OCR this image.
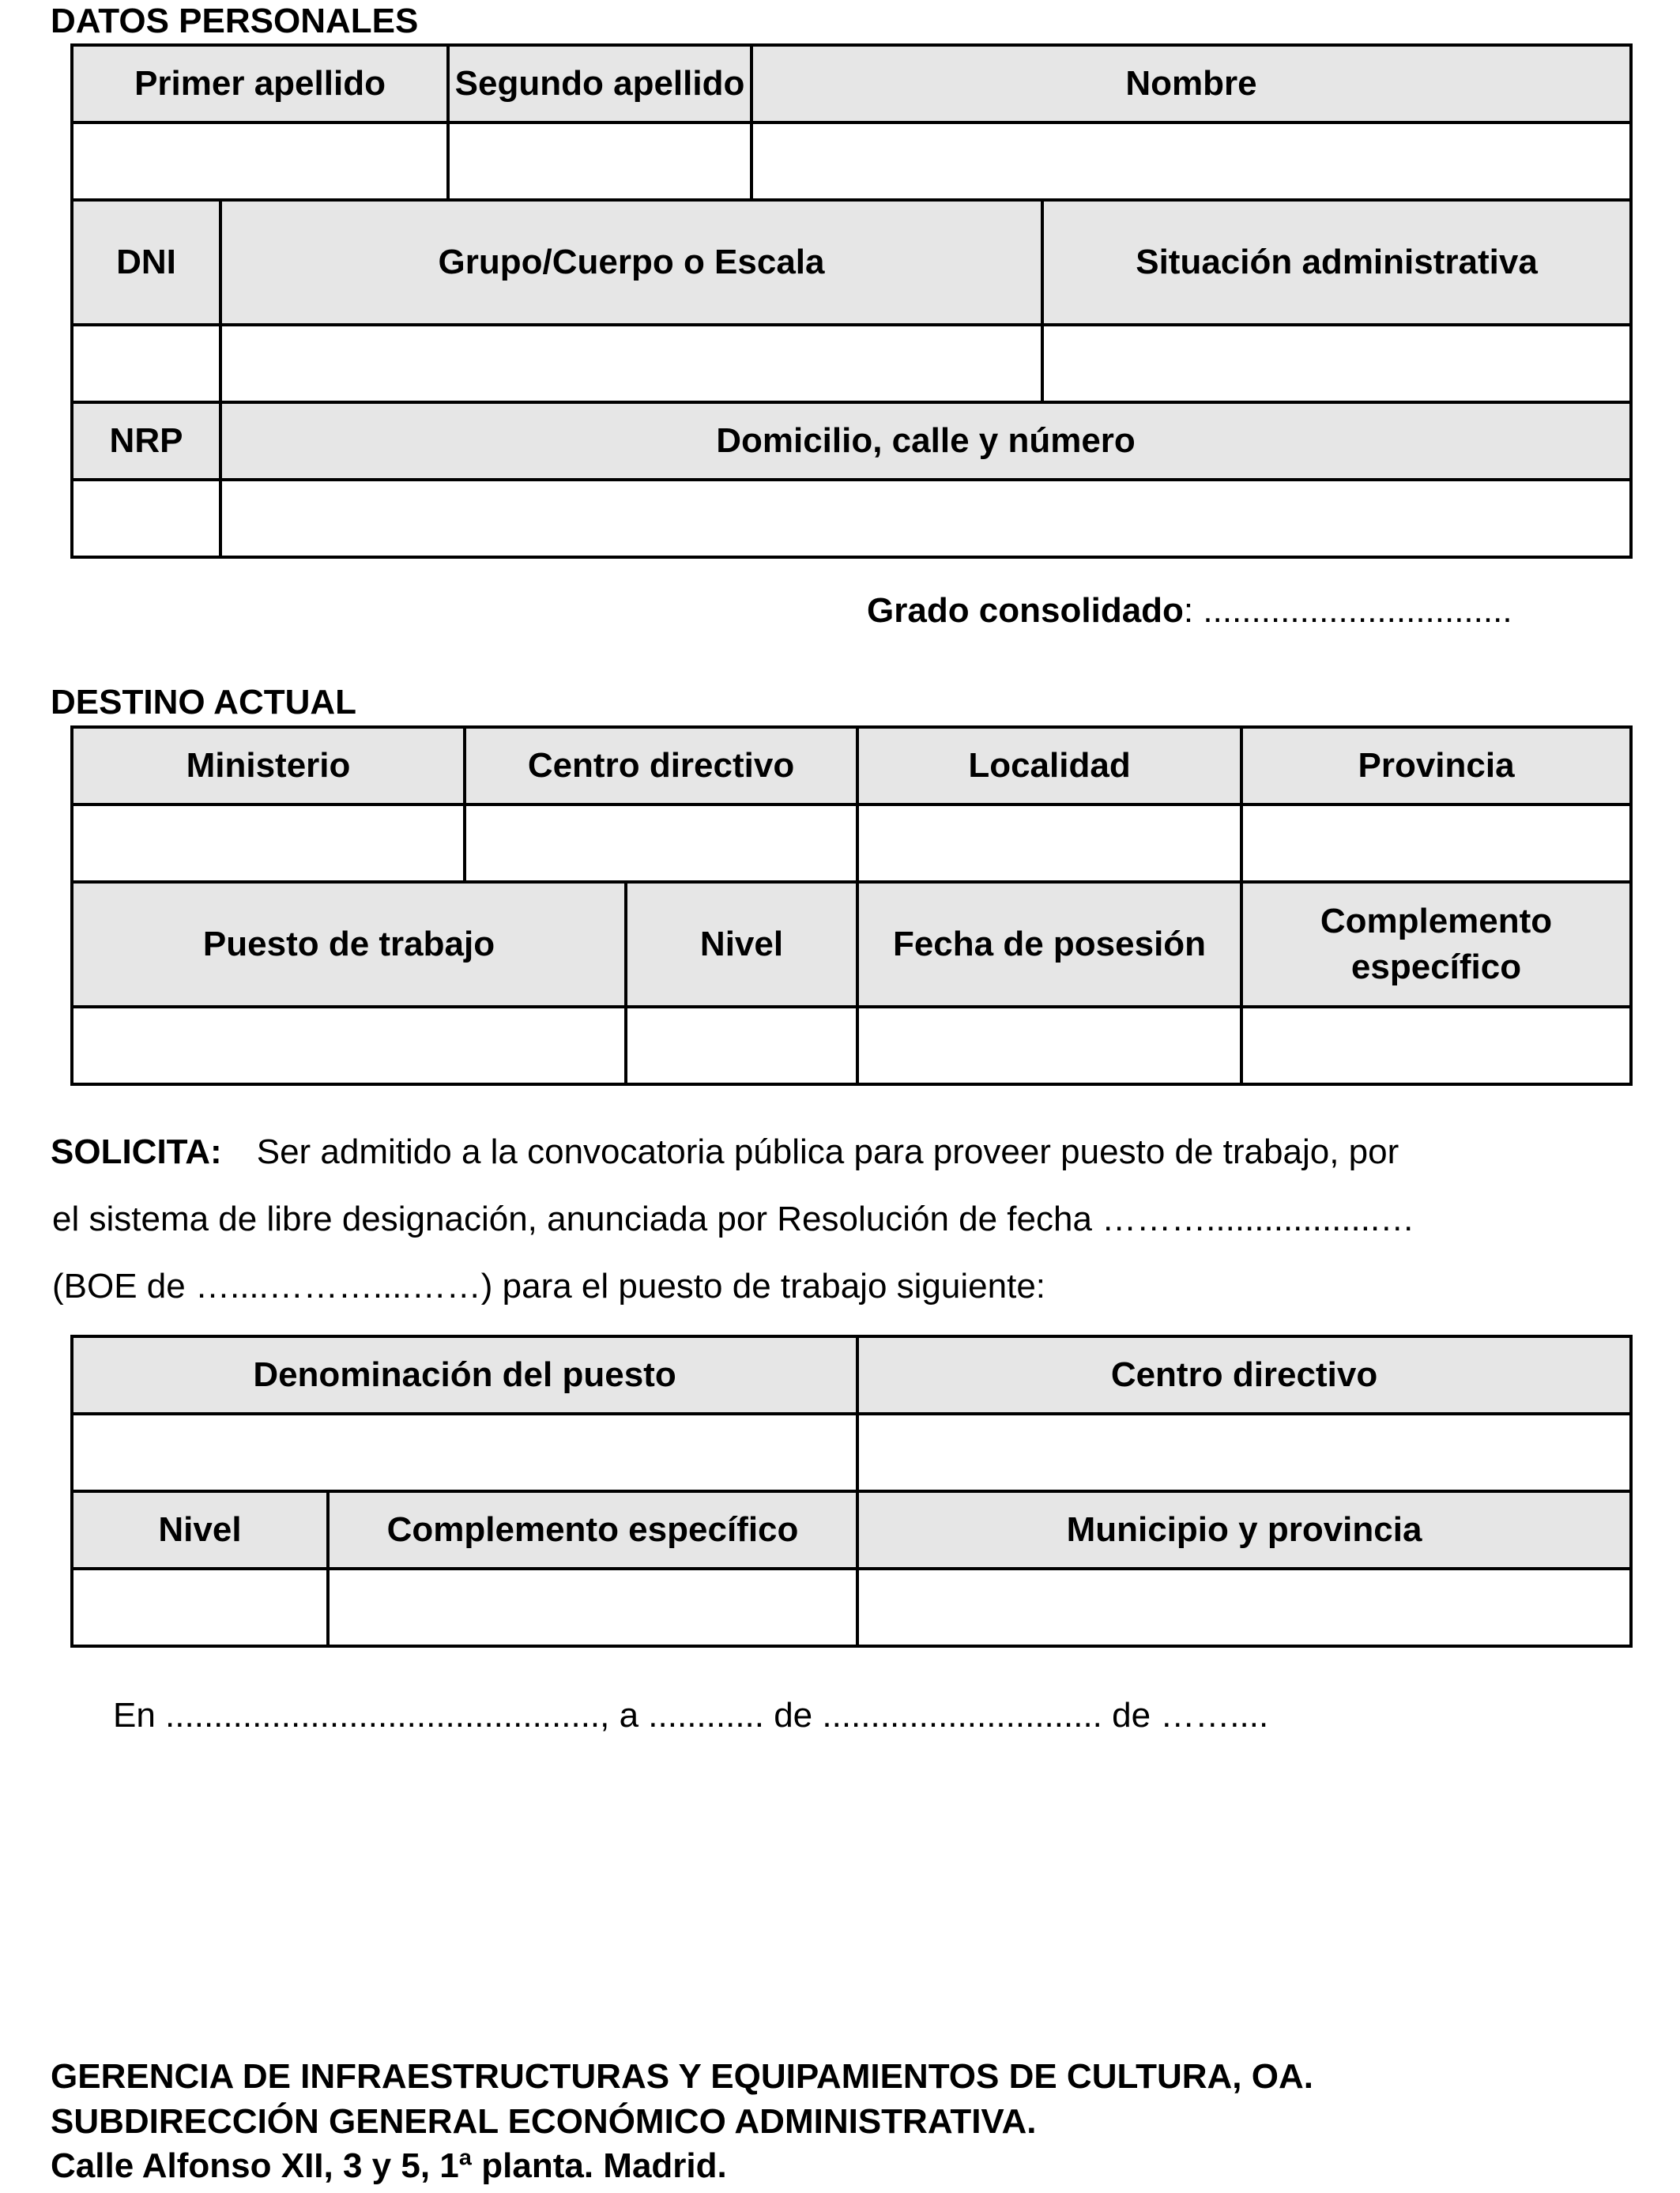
DATOS PERSONALES
Primer apellido		Segundo apellido	Nombre	

DNI	Grupo/Cuerpo o Escala			Situación administrativa

NRP	Domicilio, calle y número			

Grado consolidado: ................................
DESTINO ACTUAL
Ministerio	Centro directivo		Localidad	Provincia

Puesto de trabajo		Nivel	Fecha de posesión	Complemento específico

SOLICITA: Ser admitido a la convocatoria pública para proveer puesto de trabajo, por
el sistema de libre designación, anunciada por Resolución de fecha ………..................…
(BOE de …....………....……) para el puesto de trabajo siguiente:
Denominación del puesto		Centro directivo

Nivel	Complemento específico	Municipio y provincia

En ............................................., a ............ de ............................. de ……....
GERENCIA DE INFRAESTRUCTURAS Y EQUIPAMIENTOS DE CULTURA, OA.
SUBDIRECCIÓN GENERAL ECONÓMICO ADMINISTRATIVA.
Calle Alfonso XII, 3 y 5, 1ª planta. Madrid.
